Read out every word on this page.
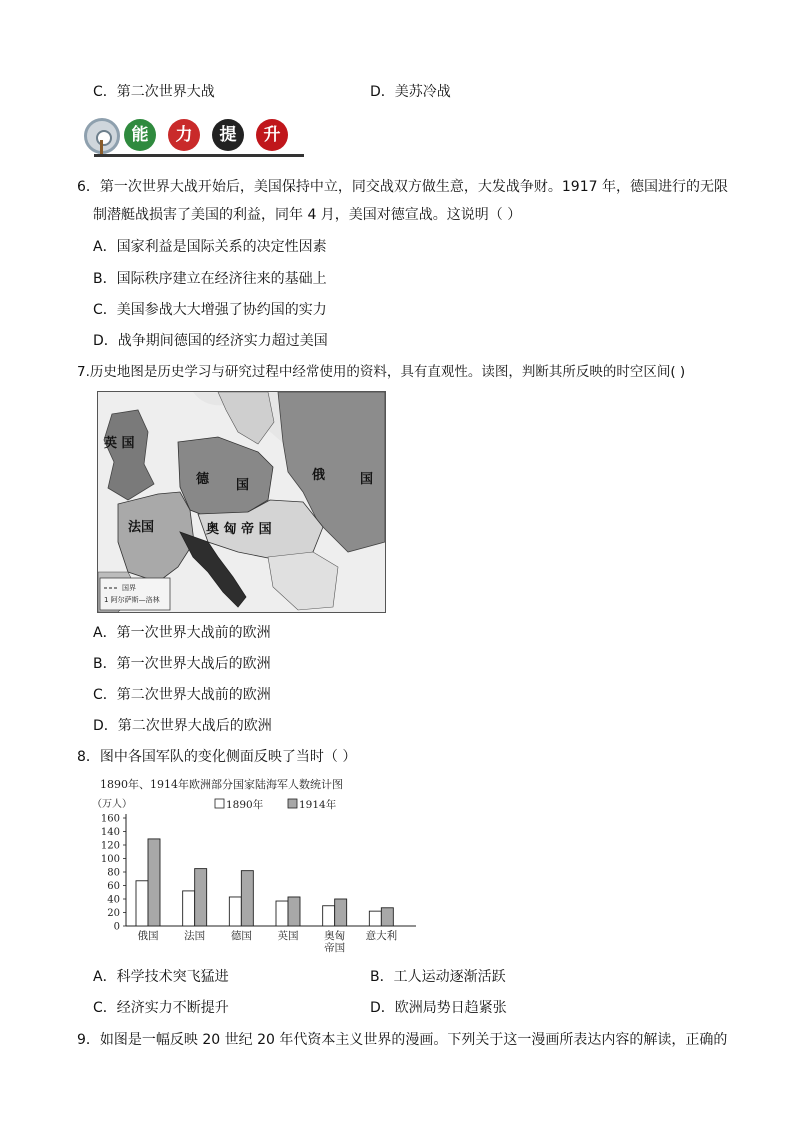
C．第二次世界大战	D．美苏冷战
能	力	提	升
6．第一次世界大战开始后，美国保持中立，同交战双方做生意，大发战争财。1917 年，德国进行的无限
制潜艇战损害了美国的利益，同年 4 月，美国对德宣战。这说明（ ）
A．国家利益是国际关系的决定性因素
B．国际秩序建立在经济往来的基础上
C．美国参战大大增强了协约国的实力
D．战争期间德国的经济实力超过美国
7.历史地图是历史学习与研究过程中经常使用的资料，具有直观性。读图，判断其所反映的时空区间( )
英 国
德 国
俄	国
法国	奥 匈 帝 国
国界
1 阿尔萨斯—洛林
A．第一次世界大战前的欧洲
B．第一次世界大战后的欧洲
C．第二次世界大战前的欧洲
D．第二次世界大战后的欧洲
8．图中各国军队的变化侧面反映了当时（ ）
1890年、1914年欧洲部分国家陆海军人数统计图
（万人）	1890年	1914年
0
20
40
60
80
100
120
140
160
俄国 法国 德国 英国 奥匈
帝国
意大利
A．科学技术突飞猛进	B．工人运动逐渐活跃
C．经济实力不断提升	D．欧洲局势日趋紧张
9．如图是一幅反映 20 世纪 20 年代资本主义世界的漫画。下列关于这一漫画所表达内容的解读，正确的
